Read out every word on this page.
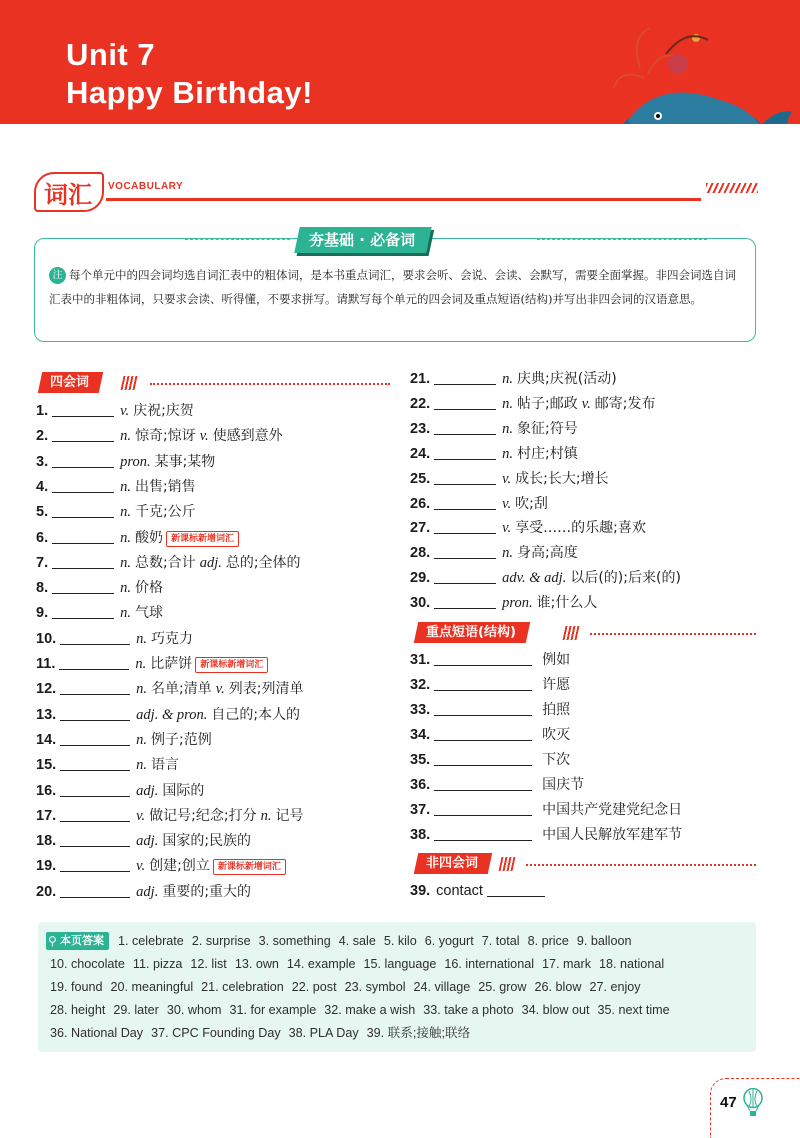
Unit 7
Happy Birthday!
词汇 VOCABULARY
夯基础 · 必备词
注 每个单元中的四会词均选自词汇表中的粗体词，是本书重点词汇，要求会听、会说、会读、会默写，需要全面掌握。非四会词选自词汇表中的非粗体词，只要求会读、听得懂，不要求拼写。请默写每个单元的四会词及重点短语(结构)并写出非四会词的汉语意思。
四会词
重点短语(结构)
非四会词
1.	v. 庆祝;庆贺
2.	n. 惊奇;惊讶 v. 使感到意外
3.	pron. 某事;某物
4.	n. 出售;销售
5.	n. 千克;公斤
6.	n. 酸奶 新课标新增词汇
7.	n. 总数;合计 adj. 总的;全体的
8.	n. 价格
9.	n. 气球
10.	n. 巧克力
11.	n. 比萨饼 新课标新增词汇
12.	n. 名单;清单 v. 列表;列清单
13.	adj. & pron. 自己的;本人的
14.	n. 例子;范例
15.	n. 语言
16.	adj. 国际的
17.	v. 做记号;纪念;打分 n. 记号
18.	adj. 国家的;民族的
19.	v. 创建;创立 新课标新增词汇
20.	adj. 重要的;重大的
21.	n. 庆典;庆祝(活动)
22.	n. 帖子;邮政 v. 邮寄;发布
23.	n. 象征;符号
24.	n. 村庄;村镇
25.	v. 成长;长大;增长
26.	v. 吹;刮
27.	v. 享受……的乐趣;喜欢
28.	n. 身高;高度
29.	adv. & adj. 以后(的);后来(的)
30.	pron. 谁;什么人
31.	例如
32.	许愿
33.	拍照
34.	吹灭
35.	下次
36.	国庆节
37.	中国共产党建党纪念日
38.	中国人民解放军建军节
39. contact
⚲ 本页答案	1. celebrate 2. surprise 3. something 4. sale 5. kilo 6. yogurt 7. total 8. price 9. balloon
10. chocolate 11. pizza 12. list 13. own 14. example 15. language 16. international 17. mark 18. national
19. found 20. meaningful 21. celebration 22. post 23. symbol 24. village 25. grow 26. blow 27. enjoy
28. height 29. later 30. whom 31. for example 32. make a wish 33. take a photo 34. blow out 35. next time
36. National Day 37. CPC Founding Day 38. PLA Day 39. 联系;接触;联络
47
